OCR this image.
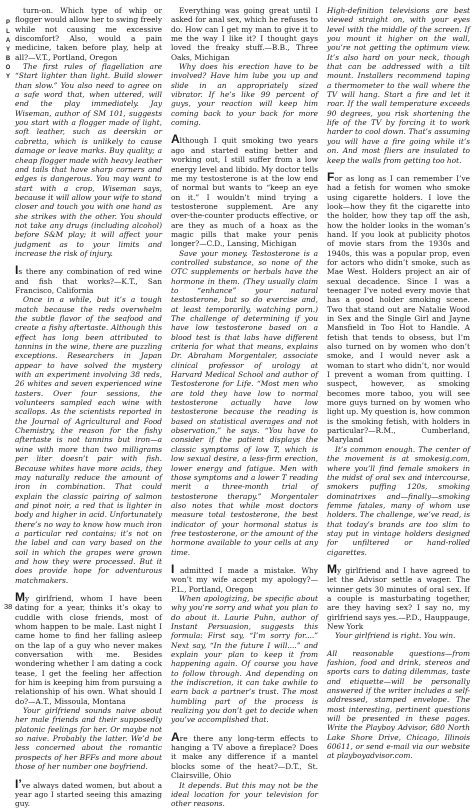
PLAYBOY

turn-on. Which type of whip or flogger would allow her to swing freely while not causing me excessive discomfort? Also, would a pain medicine, taken before play, help at all?—V.T., Portland, Oregon

The first rules of flagellation are “Start lighter than light. Build slower than slow.” You also need to agree on a safe word that, when uttered, will end the play immediately. Jay Wiseman, author of SM 101, suggests you start with a flogger made of light, soft leather, such as deerskin or cabretta, which is unlikely to cause damage or leave marks. Buy quality; a cheap flogger made with heavy leather and tails that have sharp corners and edges is dangerous. You may want to start with a crop, Wiseman says, because it will allow your wife to stand closer and touch you with one hand as she strikes with the other. You should not take any drugs (including alcohol) before S&M play; it will affect your judgment as to your limits and increase the risk of injury.

Is there any combination of red wine and fish that works?—K.T., San Francisco, California

Once in a while, but it’s a tough match because the reds overwhelm the subtle flavor of the seafood and create a fishy aftertaste. Although this effect has long been attributed to tannins in the wine, there are puzzling exceptions. Researchers in Japan appear to have solved the mystery with an experiment involving 38 reds, 26 whites and seven experienced wine tasters. Over four sessions, the volunteers sampled each wine with scallops. As the scientists reported in the Journal of Agricultural and Food Chemistry, the reason for the fishy aftertaste is not tannins but iron—a wine with more than two milligrams per liter doesn’t pair with fish. Because whites have more acids, they may naturally reduce the amount of iron in combination. That could explain the classic pairing of salmon and pinot noir, a red that is lighter in body and higher in acid. Unfortunately there’s no way to know how much iron a particular red contains; it’s not on the label and can vary based on the soil in which the grapes were grown and how they were processed. But it does provide hope for adventurous matchmakers.

My girlfriend, whom I have been dating for a year, thinks it’s okay to cuddle with close friends, most of whom happen to be male. Last night I came home to find her falling asleep on the lap of a guy who never makes conversation with me. Besides wondering whether I am dating a cock tease, I get the feeling her affection for him is keeping him from pursuing a relationship of his own. What should I do?—A.T., Missoula, Montana

Your girlfriend sounds naive about her male friends and their supposedly platonic feelings for her. Or maybe not so naive. Probably the latter. We’d be less concerned about the romantic prospects of her BFFs and more about those of her number one boyfriend.

I’ve always dated women, but about a year ago I started seeing this amazing guy.

Everything was going great until I asked for anal sex, which he refuses to do. How can I get my man to give it to me the way I like it? I thought gays loved the freaky stuff.—B.B., Three Oaks, Michigan

Why does his erection have to be involved? Have him lube you up and slide in an appropriately sized vibrator. If he’s like 99 percent of guys, your reaction will keep him coming back to your back for more coming.

Although I quit smoking two years ago and started eating better and working out, I still suffer from a low energy level and libido. My doctor tells me my testosterone is at the low end of normal but wants to “keep an eye on it.” I wouldn’t mind trying a testosterone supplement. Are any over-the-counter products effective, or are they as much of a hoax as the magic pills that make your penis longer?—C.D., Lansing, Michigan

Save your money. Testosterone is a controlled substance, so none of the OTC supplements or herbals have the hormone in them. (They usually claim to “enhance” your natural testosterone, but so do exercise and, at least temporarily, watching porn.) The challenge of determining if you have low testosterone based on a blood test is that labs have different criteria for what that means, explains Dr. Abraham Morgentaler, associate clinical professor of urology at Harvard Medical School and author of Testosterone for Life. “Most men who are told they have low to normal testosterone actually have low testosterone because the reading is based on statistical averages and not observation,” he says. “You have to consider if the patient displays the classic symptoms of low T, which is low sexual desire, a less-firm erection, lower energy and fatigue. Men with those symptoms and a lower T reading merit a three-month trial of testosterone therapy.” Morgentaler also notes that while most doctors measure total testosterone, the best indicator of your hormonal status is free testosterone, or the amount of the hormone available to your cells at any time.

I admitted I made a mistake. Why won’t my wife accept my apology?—P.L., Portland, Oregon

When apologizing, be specific about why you’re sorry and what you plan to do about it. Laurie Puhn, author of Instant Persuasion, suggests this formula: First say, “I’m sorry for....” Next say, “In the future I will....” and explain your plan to keep it from happening again. Of course you have to follow through. And depending on the indiscretion, it can take awhile to earn back a partner’s trust. The most humbling part of the process is realizing you don’t get to decide when you’ve accomplished that.

Are there any long-term effects to hanging a TV above a fireplace? Does it make any difference if a mantel blocks some of the heat?—D.T., St. Clairsville, Ohio

It depends. But this may not be the ideal location for your television for other reasons.

High-definition televisions are best viewed straight on, with your eyes level with the middle of the screen. If you mount it higher on the wall, you’re not getting the optimum view. It’s also hard on your neck, though that can be addressed with a tilt mount. Installers recommend taping a thermometer to the wall where the TV will hang. Start a fire and let it roar. If the wall temperature exceeds 90 degrees, you risk shortening the life of the TV by forcing it to work harder to cool down. That’s assuming you will have a fire going while it’s on. And most fliers are insulated to keep the walls from getting too hot.

For as long as I can remember I’ve had a fetish for women who smoke using cigarette holders. I love the look—how they fit the cigarette into the holder, how they tap off the ash, how the holder looks in the woman’s hand. If you look at publicity photos of movie stars from the 1930s and 1940s, this was a popular prop, even for actors who didn’t smoke, such as Mae West. Holders project an air of sexual decadence. Since I was a teenager I’ve noted every movie that has a good holder smoking scene. Two that stand out are Natalie Wood in Sex and the Single Girl and Jayne Mansfield in Too Hot to Handle. A fetish that tends to obsess, but I’m also turned on by women who don’t smoke, and I would never ask a woman to start who didn’t, nor would I prevent a woman from quitting. I suspect, however, as smoking becomes more taboo, you will see more guys turned on by women who light up. My question is, how common is the smoking fetish, with holders in particular?—R.M., Cumberland, Maryland

It’s common enough. The center of the movement is at smokesig.com, where you’ll find female smokers in the midst of oral sex and intercourse, smokers puffing 120s, smoking dominatrixes and—finally—smoking femme fatales, many of whom use holders. The challenge, we’ve read, is that today’s brands are too slim to stay put in vintage holders designed for unfiltered or hand-rolled cigarettes.

My girlfriend and I have agreed to let the Advisor settle a wager. The winner gets 30 minutes of oral sex. If a couple is masturbating together, are they having sex? I say no, my girlfriend says yes.—P.D., Hauppauge, New York

Your girlfriend is right. You win.

All reasonable questions—from fashion, food and drink, stereos and sports cars to dating dilemmas, taste and etiquette—will be personally answered if the writer includes a self-addressed, stamped envelope. The most interesting, pertinent questions will be presented in these pages. Write the Playboy Advisor, 680 North Lake Shore Drive, Chicago, Illinois 60611, or send e-mail via our website at playboyadvisor.com.

38
